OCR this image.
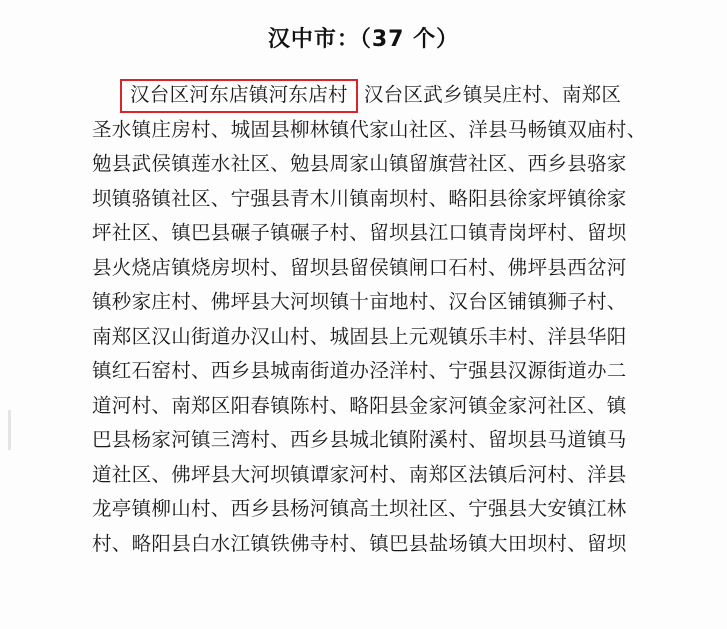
汉中市：（37 个）
汉台区河东店镇河东店村 汉台区武乡镇吴庄村、南郑区
圣水镇庄房村、城固县柳林镇代家山社区、洋县马畅镇双庙村、
勉县武侯镇莲水社区、勉县周家山镇留旗营社区、西乡县骆家
坝镇骆镇社区、宁强县青木川镇南坝村、略阳县徐家坪镇徐家
坪社区、镇巴县碾子镇碾子村、留坝县江口镇青岗坪村、留坝
县火烧店镇烧房坝村、留坝县留侯镇闸口石村、佛坪县西岔河
镇秒家庄村、佛坪县大河坝镇十亩地村、汉台区铺镇狮子村、
南郑区汉山街道办汉山村、城固县上元观镇乐丰村、洋县华阳
镇红石窑村、西乡县城南街道办泾洋村、宁强县汉源街道办二
道河村、南郑区阳春镇陈村、略阳县金家河镇金家河社区、镇
巴县杨家河镇三湾村、西乡县城北镇附溪村、留坝县马道镇马
道社区、佛坪县大河坝镇谭家河村、南郑区法镇后河村、洋县
龙亭镇柳山村、西乡县杨河镇高土坝社区、宁强县大安镇江林
村、略阳县白水江镇铁佛寺村、镇巴县盐场镇大田坝村、留坝
